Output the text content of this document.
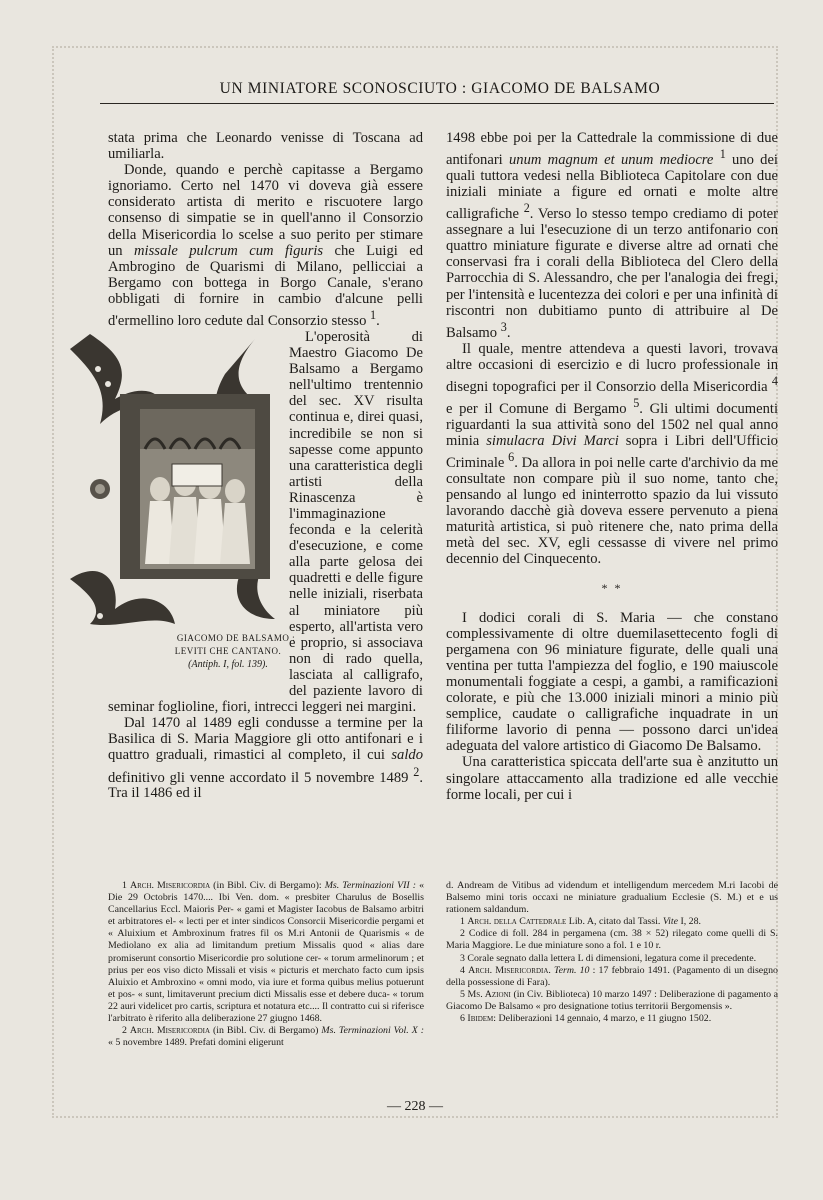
UN MINIATORE SCONOSCIUTO : GIACOMO DE BALSAMO

stata prima che Leonardo venisse di Toscana ad umiliarla.

Donde, quando e perchè capitasse a Bergamo ignoriamo. Certo nel 1470 vi doveva già essere considerato artista di merito e riscuotere largo consenso di simpatie se in quell'anno il Consorzio della Misericordia lo scelse a suo perito per stimare un missale pulcrum cum figuris che Luigi ed Ambrogino de Quarismi di Milano, pellicciai a Bergamo con bottega in Borgo Canale, s'erano obbligati di fornire in cambio d'alcune pelli d'ermellino loro cedute dal Consorzio stesso $^1$.

GIACOMO DE BALSAMO :
LEVITI CHE CANTANO.
(Antiph. I, fol. 139).
L'operosità di Maestro Giacomo De Balsamo a Bergamo nell'ultimo trentennio del sec. XV risulta continua e, direi quasi, incredibile se non si sapesse come appunto una caratteristica degli artisti della Rinascenza è l'immaginazione feconda e la celerità d'esecuzione, e come alla parte gelosa dei quadretti e delle figure nelle iniziali, riserbata al miniatore più esperto, all'artista vero e proprio, si associava non di rado quella, lasciata al calligrafo, del paziente lavoro di seminar foglioline, fiori, intrecci leggeri nei margini.

Dal 1470 al 1489 egli condusse a termine per la Basilica di S. Maria Maggiore gli otto antifonari e i quattro graduali, rimastici al completo, il cui saldo definitivo gli venne accordato il 5 novembre 1489 $^2$. Tra il 1486 ed il

1498 ebbe poi per la Cattedrale la commissione di due antifonari unum magnum et unum mediocre $^1$ uno dei quali tuttora vedesi nella Biblioteca Capitolare con due iniziali miniate a figure ed ornati e molte altre calligrafiche $^2$. Verso lo stesso tempo crediamo di poter assegnare a lui l'esecuzione di un terzo antifonario con quattro miniature figurate e diverse altre ad ornati che conservasi fra i corali della Biblioteca del Clero della Parrocchia di S. Alessandro, che per l'analogia dei fregi, per l'intensità e lucentezza dei colori e per una infinità di riscontri non dubitiamo punto di attribuire al De Balsamo $^3$.

Il quale, mentre attendeva a questi lavori, trovava altre occasioni di esercizio e di lucro professionale in disegni topografici per il Consorzio della Misericordia $^4$ e per il Comune di Bergamo $^5$. Gli ultimi documenti riguardanti la sua attività sono del 1502 nel qual anno minia simulacra Divi Marci sopra i Libri dell'Ufficio Criminale $^6$. Da allora in poi nelle carte d'archivio da me consultate non compare più il suo nome, tanto che, pensando al lungo ed ininterrotto spazio da lui vissuto lavorando dacchè già doveva essere pervenuto a piena maturità artistica, si può ritenere che, nato prima della metà del sec. XV, egli cessasse di vivere nel primo decennio del Cinquecento.

* *

I dodici corali di S. Maria — che constano complessivamente di oltre duemilasettecento fogli di pergamena con 96 miniature figurate, delle quali una ventina per tutta l'ampiezza del foglio, e 190 maiuscole monumentali foggiate a cespi, a gambi, a ramificazioni colorate, e più che 13.000 iniziali minori a minio più semplice, caudate o calligrafiche inquadrate in un filiforme lavorio di penna — possono darci un'idea adeguata del valore artistico di Giacomo De Balsamo.

Una caratteristica spiccata dell'arte sua è anzitutto un singolare attaccamento alla tradizione ed alle vecchie forme locali, per cui i

1 Arch. Misericordia (in Bibl. Civ. di Bergamo): Ms. Terminazioni VII : « Die 29 Octobris 1470.... Ibi Ven. dom. « presbiter Charulus de Bosellis Cancellarius Eccl. Maioris Per- « gami et Magister Iacobus de Balsamo arbitri et arbitratores el- « lecti per et inter sindicos Consorcii Misericordie pergami et « Aluixium et Ambroxinum fratres fil os M.ri Antonii de Quarismis « de Mediolano ex alia ad limitandum pretium Missalis quod « alias dare promiserunt consortio Misericordie pro solutione cer- « torum armelinorum ; et prius per eos viso dicto Missali et visis « picturis et merchato facto cum ipsis Aluixio et Ambroxino « omni modo, via iure et forma quibus melius potuerunt et pos- « sunt, limitaverunt precium dicti Missalis esse et debere duca- « torum 22 auri videlicet pro cartis, scriptura et notatura etc.... Il contratto cui si riferisce l'arbitrato è riferito alla deliberazione 27 giugno 1468.

2 Arch. Misericordia (in Bibl. Civ. di Bergamo) Ms. Terminazioni Vol. X : « 5 novembre 1489. Prefati domini eligerunt

d. Andream de Vitibus ad videndum et intelligendum mercedem M.ri Iacobi de Balsemo mini toris occaxi ne miniature gradualium Ecclesie (S. M.) et e us rationem saldandum.

1 Arch. della Cattedrale Lib. A, citato dal Tassi. Vite I, 28.

2 Codice di foll. 284 in pergamena (cm. 38 × 52) rilegato come quelli di S. Maria Maggiore. Le due miniature sono a fol. 1 e 10 r.

3 Corale segnato dalla lettera L di dimensioni, legatura come il precedente.

4 Arch. Misericordia. Term. 10 : 17 febbraio 1491. (Pagamento di un disegno della possessione di Fara).

5 Ms. Azioni (in Civ. Biblioteca) 10 marzo 1497 : Deliberazione di pagamento a Giacomo De Balsamo « pro designatione totius territorii Bergomensis ».

6 Ibidem: Deliberazioni 14 gennaio, 4 marzo, e 11 giugno 1502.

— 228 —
